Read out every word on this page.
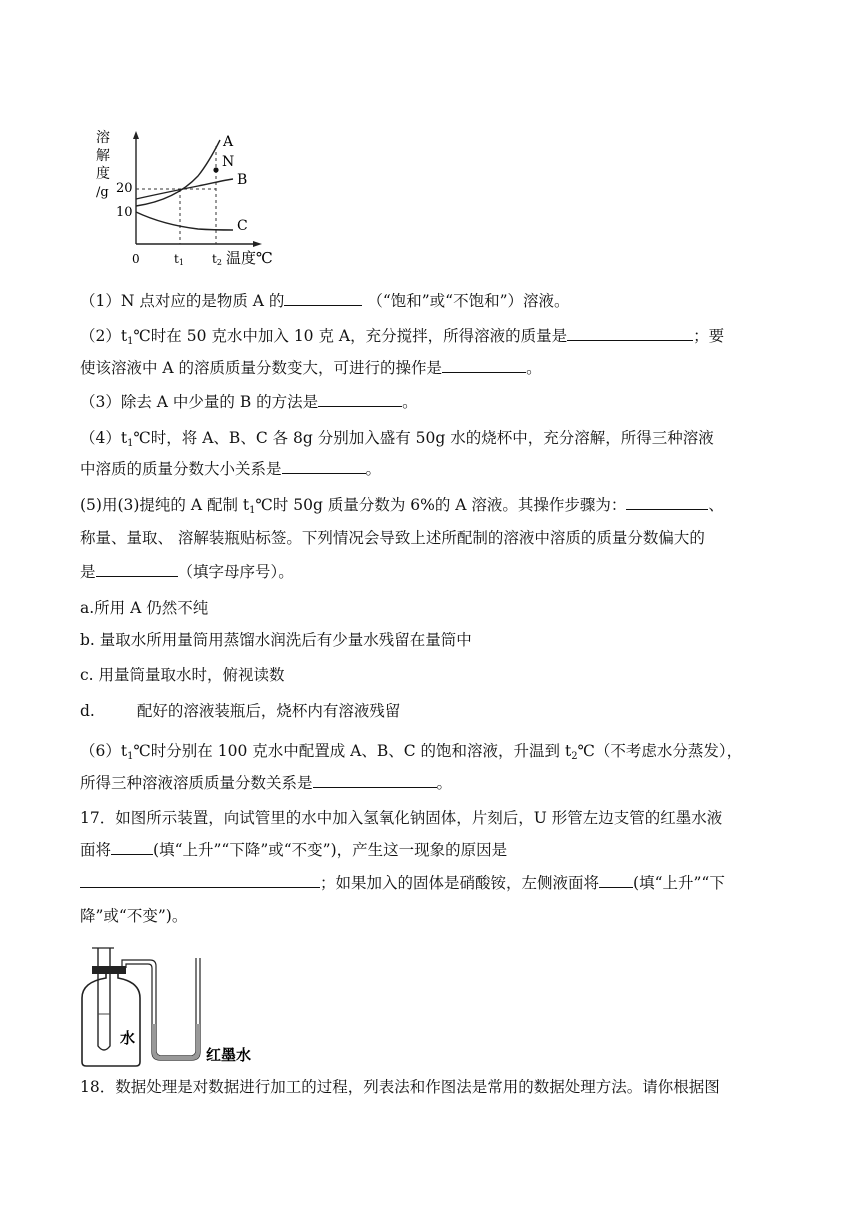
溶
解
度
/g 20
10
0	t1 t2 温度℃
A
N
B
C
（1）N 点对应的是物质 A 的	（“饱和”或“不饱和”）溶液。
$(2)t_1℃$时在 50 克水中加入 10 克 A，充分搅拌，所得溶液的质量是	；要
使该溶液中 A 的溶质质量分数变大，可进行的操作是	。
（3）除去 A 中少量的 B 的方法是	。
$(4)t_1℃$时，将 A、B、C 各 8g 分别加入盛有 50g 水的烧杯中，充分溶解，所得三种溶液
中溶质的质量分数大小关系是	。
(5)用(3)提纯的 A 配制 $t_1℃$时 50g 质量分数为 6%的 A 溶液。其操作步骤为：	、
称量、量取、 溶解装瓶贴标签。下列情况会导致上述所配制的溶液中溶质的质量分数偏大的
是	（填字母序号）。
a.所用 A 仍然不纯
b. 量取水所用量筒用蒸馏水润洗后有少量水残留在量筒中
c. 用量筒量取水时，俯视读数
d.	配好的溶液装瓶后，烧杯内有溶液残留
$(6)t_1℃$时分别在 100 克水中配置成 A、B、C 的饱和溶液，升温到 $t_2℃$（不考虑水分蒸发），
所得三种溶液溶质质量分数关系是	。
17．如图所示装置，向试管里的水中加入氢氧化钠固体，片刻后，U 形管左边支管的红墨水液
面将	(填“上升”“下降”或“不变”)，产生这一现象的原因是
；如果加入的固体是硝酸铵，左侧液面将 (填“上升”“下
降”或“不变”)。
水
红墨水
18．数据处理是对数据进行加工的过程，列表法和作图法是常用的数据处理方法。请你根据图
